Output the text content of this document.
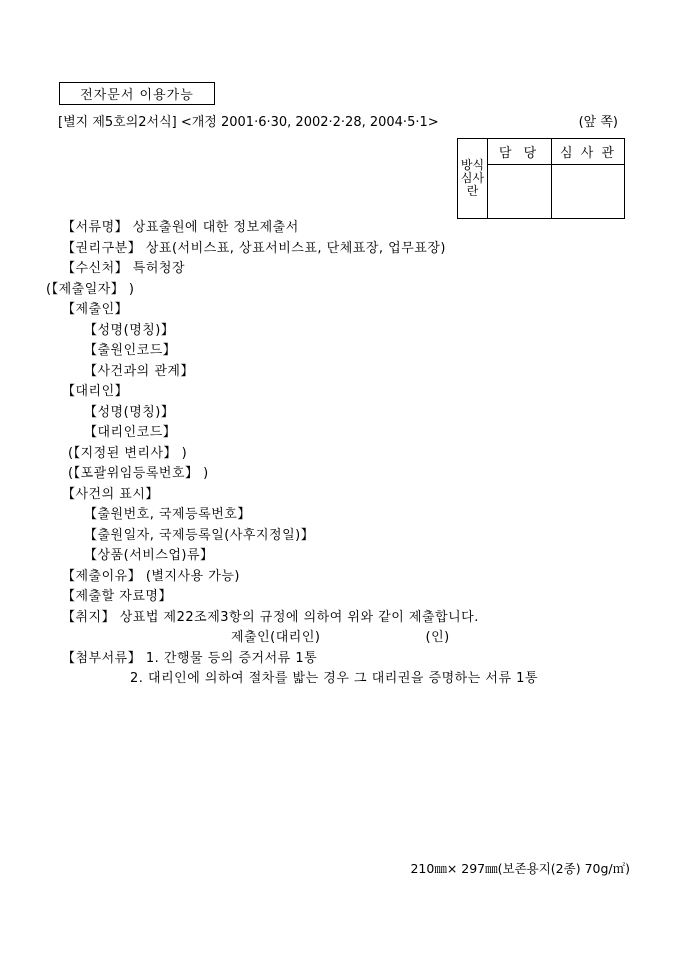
전자문서 이용가능
[별지 제5호의2서식] <개정 2001·6·30, 2002·2·28, 2004·5·1>	(앞 쪽)
방식심사란	담 당	심 사 관

【서류명】 상표출원에 대한 정보제출서
【권리구분】 상표(서비스표, 상표서비스표, 단체표장, 업무표장)
【수신처】 특허청장
(【제출일자】 )
【제출인】
【성명(명칭)】
【출원인코드】
【사건과의 관계】
【대리인】
【성명(명칭)】
【대리인코드】
(【지정된 변리사】 )
(【포괄위임등록번호】 )
【사건의 표시】
【출원번호, 국제등록번호】
【출원일자, 국제등록일(사후지정일)】
【상품(서비스업)류】
【제출이유】 (별지사용 가능)
【제출할 자료명】
【취지】 상표법 제22조제3항의 규정에 의하여 위와 같이 제출합니다.
제출인(대리인)	(인)
【첨부서류】 1. 간행물 등의 증거서류 1통
2. 대리인에 의하여 절차를 밟는 경우 그 대리권을 증명하는 서류 1통
210㎜× 297㎜(보존용지(2종) 70g/㎡)
